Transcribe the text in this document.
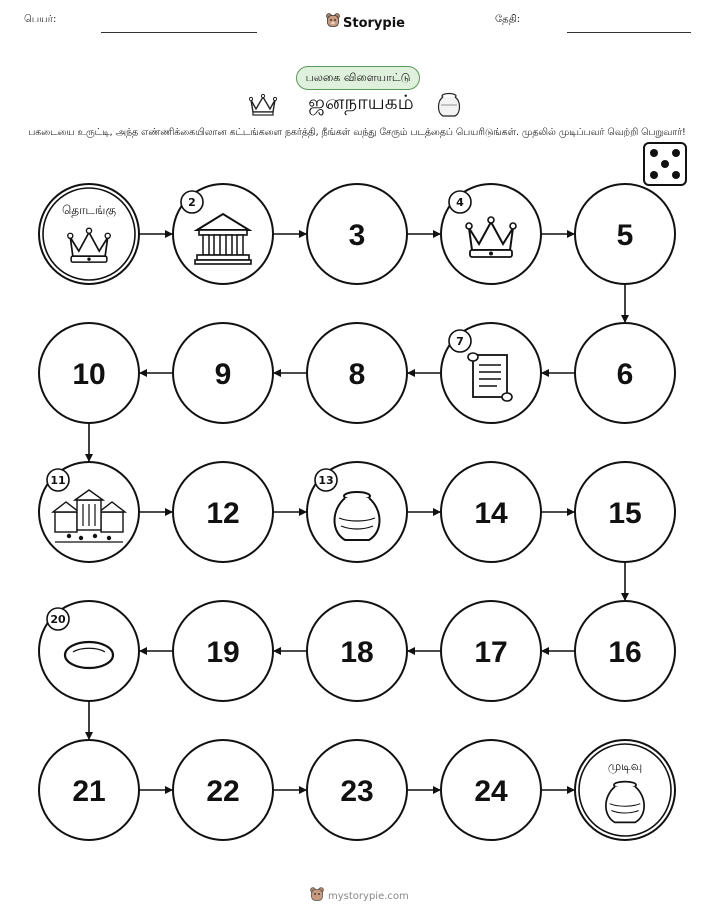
பெயர்:	Storypie	தேதி:
பலகை விளையாட்டு
ஜனநாயகம்
பகடையை உருட்டி, அந்த எண்ணிக்கையிலான கட்டங்களை நகர்த்தி, நீங்கள் வந்து சேரும் படத்தைப் பெயரிடுங்கள். முதலில் முடிப்பவர் வெற்றி பெறுவார்!
தொடங்கு
2
3
4
5
10	9	8
7
6
11
12
13
14	15
20
19	18	17	16
21	22	23	24
முடிவு
mystorypie.com
